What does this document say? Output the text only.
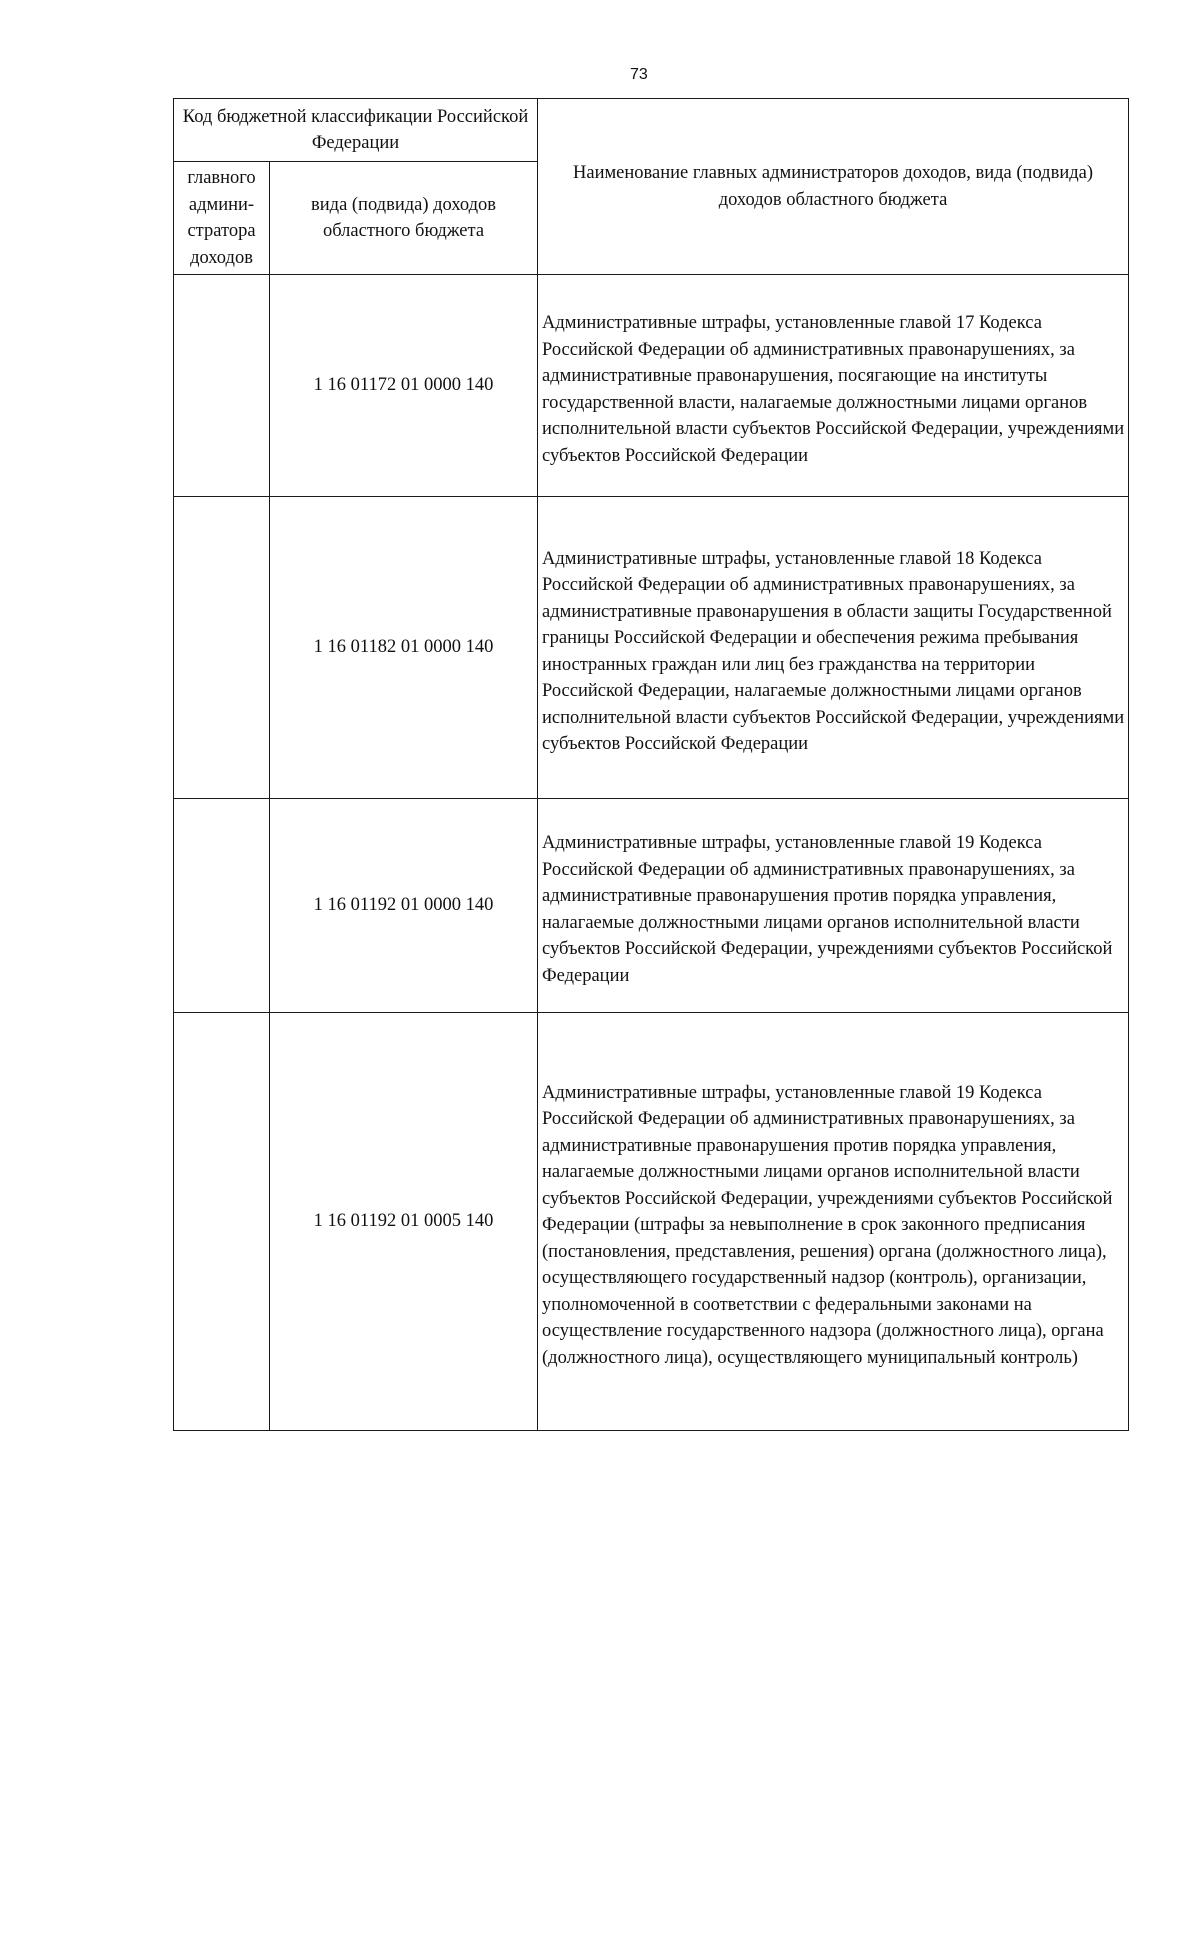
73
Код бюджетной классификации Российской Федерации		Наименование главных администраторов доходов, вида (подвида) доходов областного бюджета
главного админи-стратора доходов	вида (подвида) доходов областного бюджета	
	1 16 01172 01 0000 140	Административные штрафы, установленные главой 17 Кодекса Российской Федерации об административных правонарушениях, за административные правонарушения, посягающие на институты государственной власти, налагаемые должностными лицами органов исполнительной власти субъектов Российской Федерации, учреждениями субъектов Российской Федерации
	1 16 01182 01 0000 140	Административные штрафы, установленные главой 18 Кодекса Российской Федерации об административных правонарушениях, за административные правонарушения в области защиты Государственной границы Российской Федерации и обеспечения режима пребывания иностранных граждан или лиц без гражданства на территории Российской Федерации, налагаемые должностными лицами органов исполнительной власти субъектов Российской Федерации, учреждениями субъектов Российской Федерации
	1 16 01192 01 0000 140	Административные штрафы, установленные главой 19 Кодекса Российской Федерации об административных правонарушениях, за административные правонарушения против порядка управления, налагаемые должностными лицами органов исполнительной власти субъектов Российской Федерации, учреждениями субъектов Российской Федерации
	1 16 01192 01 0005 140	Административные штрафы, установленные главой 19 Кодекса Российской Федерации об административных правонарушениях, за административные правонарушения против порядка управления, налагаемые должностными лицами органов исполнительной власти субъектов Российской Федерации, учреждениями субъектов Российской Федерации (штрафы за невыполнение в срок законного предписания (постановления, представления, решения) органа (должностного лица), осуществляющего государственный надзор (контроль), организации, уполномоченной в соответствии с федеральными законами на осуществление государственного надзора (должностного лица), органа (должностного лица), осуществляющего муниципальный контроль)
